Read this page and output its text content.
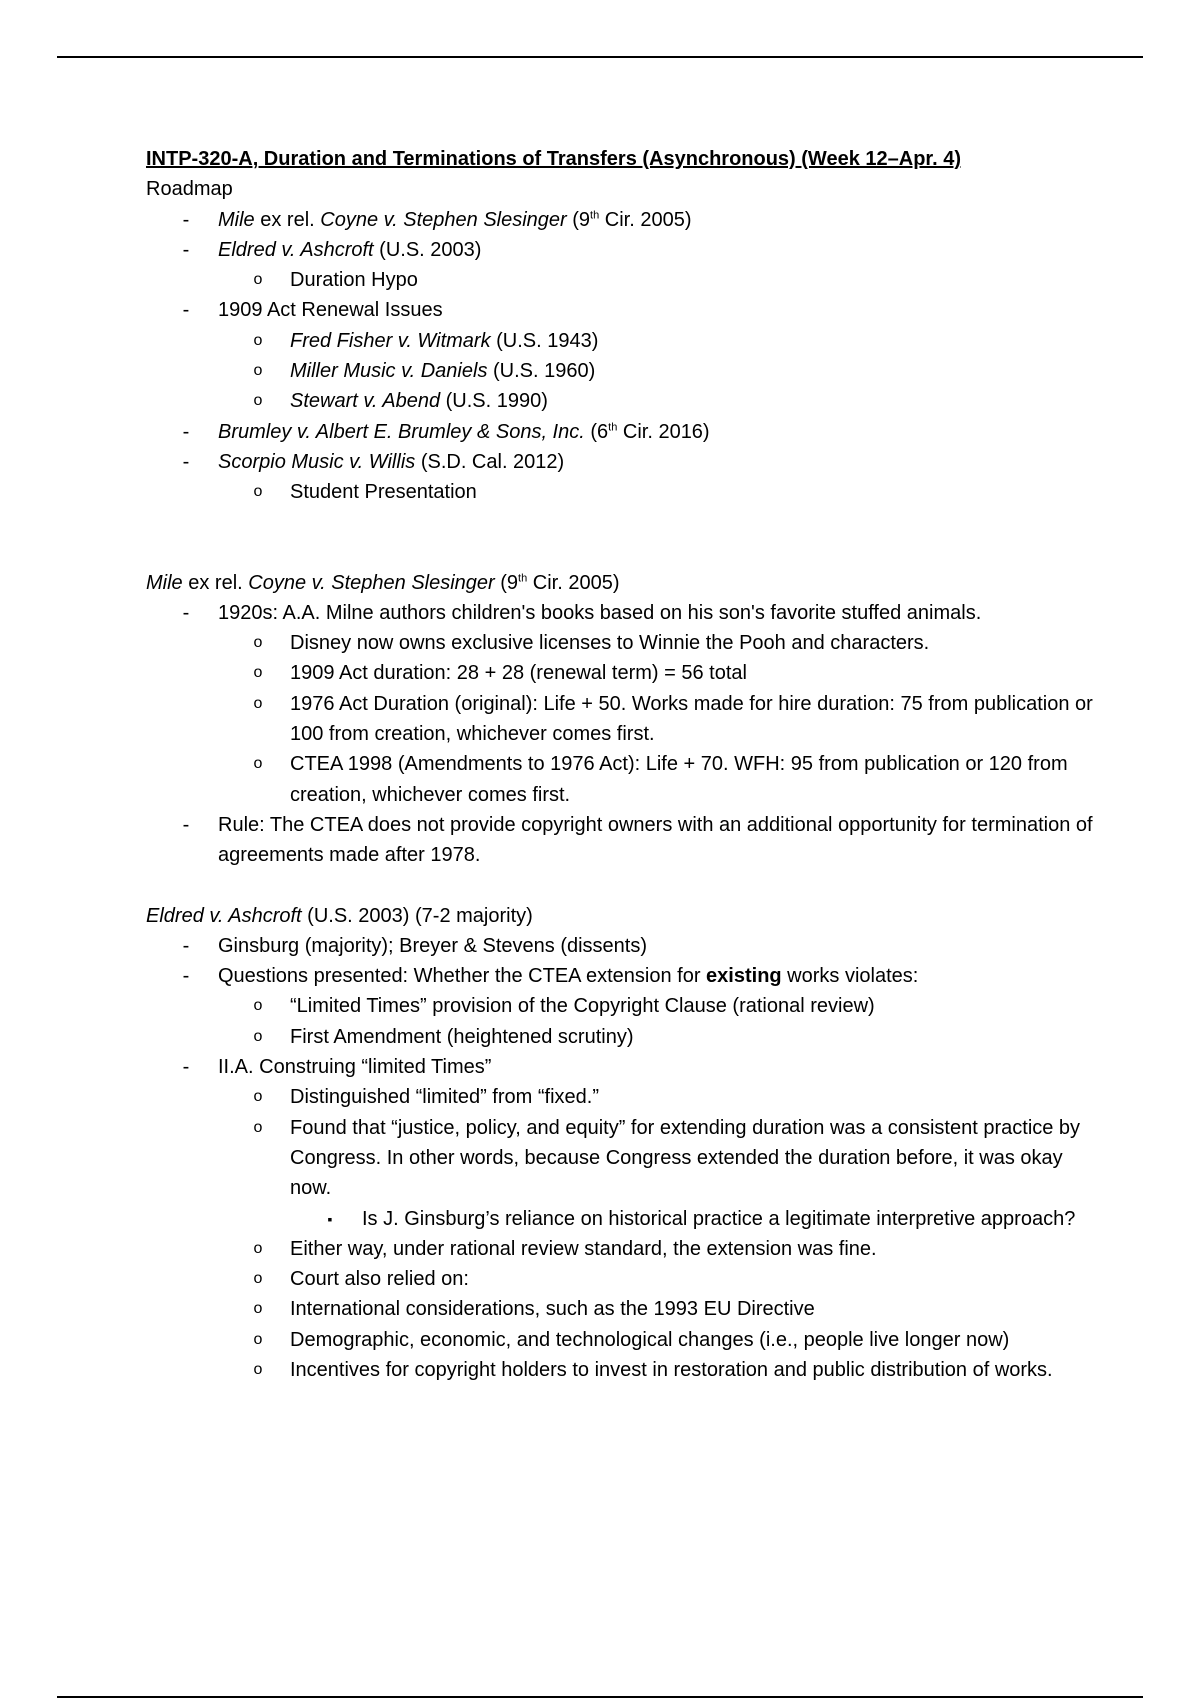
INTP-320-A, Duration and Terminations of Transfers (Asynchronous) (Week 12–Apr. 4)
Roadmap
- Mile ex rel. Coyne v. Stephen Slesinger (9th Cir. 2005)
- Eldred v. Ashcroft (U.S. 2003)
o Duration Hypo
- 1909 Act Renewal Issues
o Fred Fisher v. Witmark (U.S. 1943)
o Miller Music v. Daniels (U.S. 1960)
o Stewart v. Abend (U.S. 1990)
- Brumley v. Albert E. Brumley & Sons, Inc. (6th Cir. 2016)
- Scorpio Music v. Willis (S.D. Cal. 2012)
o Student Presentation
Mile ex rel. Coyne v. Stephen Slesinger (9th Cir. 2005)
- 1920s: A.A. Milne authors children's books based on his son's favorite stuffed animals.
o Disney now owns exclusive licenses to Winnie the Pooh and characters.
o 1909 Act duration: 28 + 28 (renewal term) = 56 total
o 1976 Act Duration (original): Life + 50. Works made for hire duration: 75 from publication or 100 from creation, whichever comes first.
o CTEA 1998 (Amendments to 1976 Act): Life + 70. WFH: 95 from publication or 120 from creation, whichever comes first.
- Rule: The CTEA does not provide copyright owners with an additional opportunity for termination of agreements made after 1978.
Eldred v. Ashcroft (U.S. 2003) (7-2 majority)
- Ginsburg (majority); Breyer & Stevens (dissents)
- Questions presented: Whether the CTEA extension for existing works violates:
o “Limited Times” provision of the Copyright Clause (rational review)
o First Amendment (heightened scrutiny)
- II.A. Construing “limited Times”
o Distinguished “limited” from “fixed.”
o Found that “justice, policy, and equity” for extending duration was a consistent practice by Congress. In other words, because Congress extended the duration before, it was okay now.
▪ Is J. Ginsburg’s reliance on historical practice a legitimate interpretive approach?
o Either way, under rational review standard, the extension was fine.
o Court also relied on:
o International considerations, such as the 1993 EU Directive
o Demographic, economic, and technological changes (i.e., people live longer now)
o Incentives for copyright holders to invest in restoration and public distribution of works.
